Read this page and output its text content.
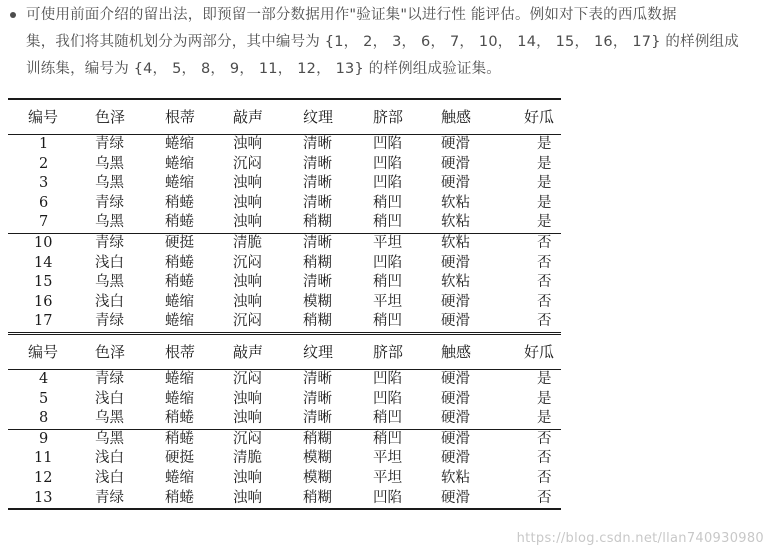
可使用前面介绍的留出法，即预留一部分数据用作"验证集"以进行性 能评估。例如对下表的西瓜数据
集，我们将其随机划分为两部分，其中编号为 {1， 2， 3， 6， 7， 10， 14， 15， 16， 17} 的样例组成
训练集，编号为 {4， 5， 8， 9， 11， 12， 13} 的样例组成验证集。
编号	色泽	根蒂	敲声	纹理	脐部	触感	好瓜
1	青绿	蜷缩	浊响	清晰	凹陷	硬滑	是
2	乌黑	蜷缩	沉闷	清晰	凹陷	硬滑	是
3	乌黑	蜷缩	浊响	清晰	凹陷	硬滑	是
6	青绿	稍蜷	浊响	清晰	稍凹	软粘	是
7	乌黑	稍蜷	浊响	稍糊	稍凹	软粘	是
10	青绿	硬挺	清脆	清晰	平坦	软粘	否
14	浅白	稍蜷	沉闷	稍糊	凹陷	硬滑	否
15	乌黑	稍蜷	浊响	清晰	稍凹	软粘	否
16	浅白	蜷缩	浊响	模糊	平坦	硬滑	否
17	青绿	蜷缩	沉闷	稍糊	稍凹	硬滑	否
编号	色泽	根蒂	敲声	纹理	脐部	触感	好瓜
4	青绿	蜷缩	沉闷	清晰	凹陷	硬滑	是
5	浅白	蜷缩	浊响	清晰	凹陷	硬滑	是
8	乌黑	稍蜷	浊响	清晰	稍凹	硬滑	是
9	乌黑	稍蜷	沉闷	稍糊	稍凹	硬滑	否
11	浅白	硬挺	清脆	模糊	平坦	硬滑	否
12	浅白	蜷缩	浊响	模糊	平坦	软粘	否
13	青绿	稍蜷	浊响	稍糊	凹陷	硬滑	否
https://blog.csdn.net/llan740930980
